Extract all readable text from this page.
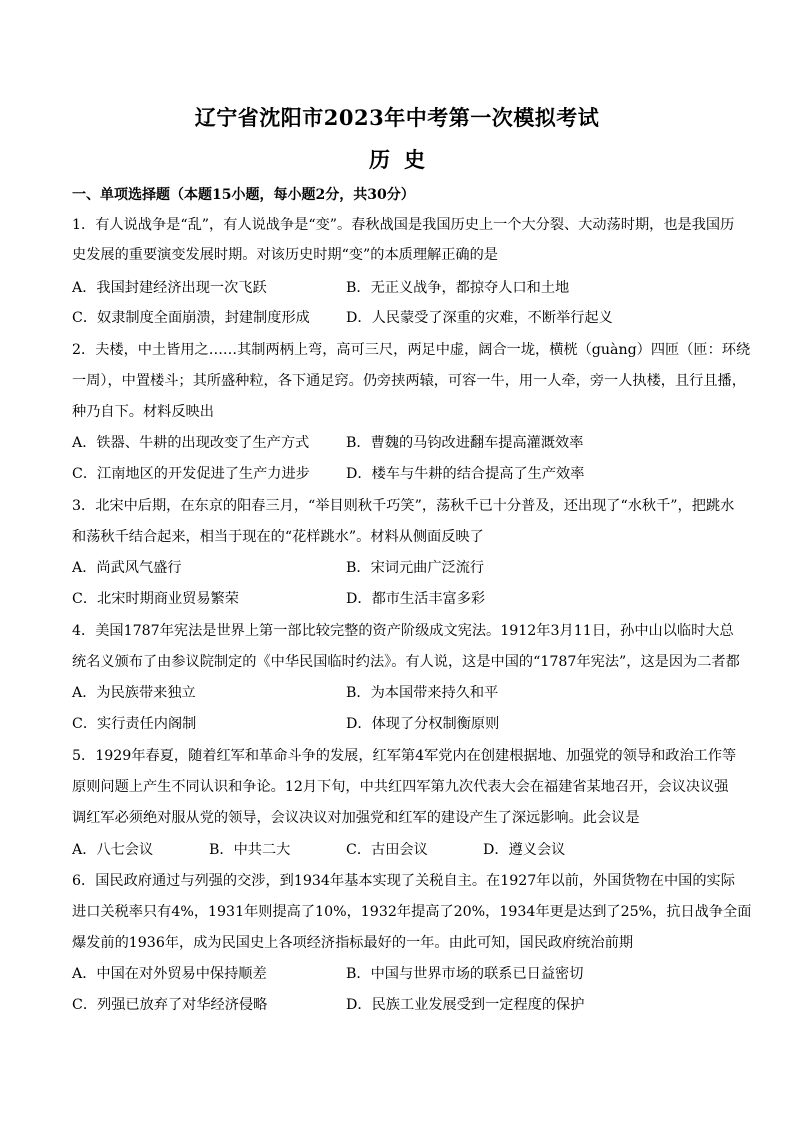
辽宁省沈阳市2023年中考第一次模拟考试
历史
一、单项选择题（本题15小题，每小题2分，共30分）
1．有人说战争是“乱”，有人说战争是“变”。春秋战国是我国历史上一个大分裂、大动荡时期，也是我国历
史发展的重要演变发展时期。对该历史时期“变”的本质理解正确的是
A．我国封建经济出现一次飞跃	B．无正义战争，都掠夺人口和土地
C．奴隶制度全面崩溃，封建制度形成	D．人民蒙受了深重的灾难，不断举行起义
2．夫楼，中土皆用之……其制两柄上弯，高可三尺，两足中虚，阔合一垅，横桄（guàng）四匝（匝：环绕
一周），中置楼斗；其所盛种粒，各下通足窍。仍旁挟两辕，可容一牛，用一人牵，旁一人执楼，且行且播，
种乃自下。材料反映出
A．铁器、牛耕的出现改变了生产方式	B．曹魏的马钧改进翻车提高灌溉效率
C．江南地区的开发促进了生产力进步	D．楼车与牛耕的结合提高了生产效率
3．北宋中后期，在东京的阳春三月，“举目则秋千巧笑”，荡秋千已十分普及，还出现了“水秋千”，把跳水
和荡秋千结合起来，相当于现在的“花样跳水”。材料从侧面反映了
A．尚武风气盛行	B．宋词元曲广泛流行
C．北宋时期商业贸易繁荣	D．都市生活丰富多彩
4．美国1787年宪法是世界上第一部比较完整的资产阶级成文宪法。1912年3月11日，孙中山以临时大总
统名义颁布了由参议院制定的《中华民国临时约法》。有人说，这是中国的“1787年宪法”，这是因为二者都
A．为民族带来独立	B．为本国带来持久和平
C．实行责任内阁制	D．体现了分权制衡原则
5．1929年春夏，随着红军和革命斗争的发展，红军第4军党内在创建根据地、加强党的领导和政治工作等
原则问题上产生不同认识和争论。12月下旬，中共红四军第九次代表大会在福建省某地召开，会议决议强
调红军必须绝对服从党的领导，会议决议对加强党和红军的建设产生了深远影响。此会议是
A．八七会议	B．中共二大	C．古田会议	D．遵义会议
6．国民政府通过与列强的交涉，到1934年基本实现了关税自主。在1927年以前，外国货物在中国的实际
进口关税率只有4%，1931年则提高了10%，1932年提高了20%，1934年更是达到了25%，抗日战争全面
爆发前的1936年，成为民国史上各项经济指标最好的一年。由此可知，国民政府统治前期
A．中国在对外贸易中保持顺差	B．中国与世界市场的联系已日益密切
C．列强已放弃了对华经济侵略	D．民族工业发展受到一定程度的保护
